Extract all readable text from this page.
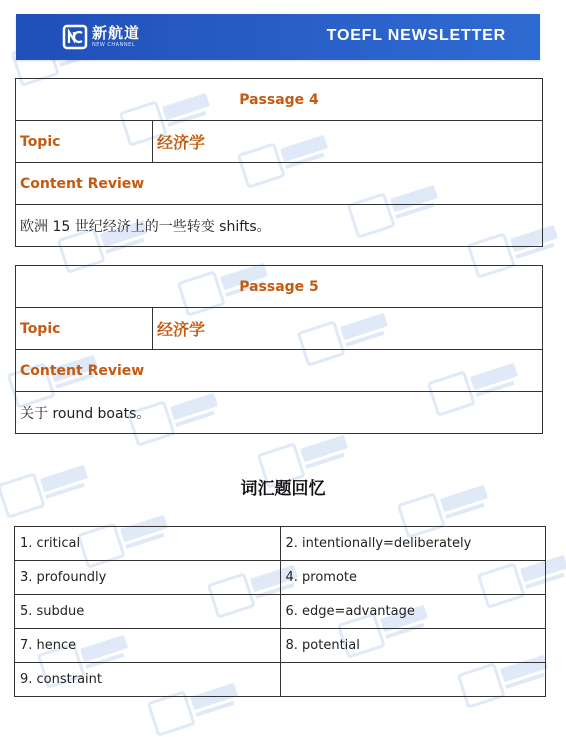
新航道
NEW CHANNEL
TOEFL NEWSLETTER
Passage 4
Topic	经济学
Content Review
欧洲 15 世纪经济上的一些转变 shifts。
Passage 5
Topic	经济学
Content Review
关于 round boats。
词汇题回忆
1. critical	2. intentionally=deliberately
3. profoundly	4. promote
5. subdue	6. edge=advantage
7. hence	8. potential
9. constraint	
